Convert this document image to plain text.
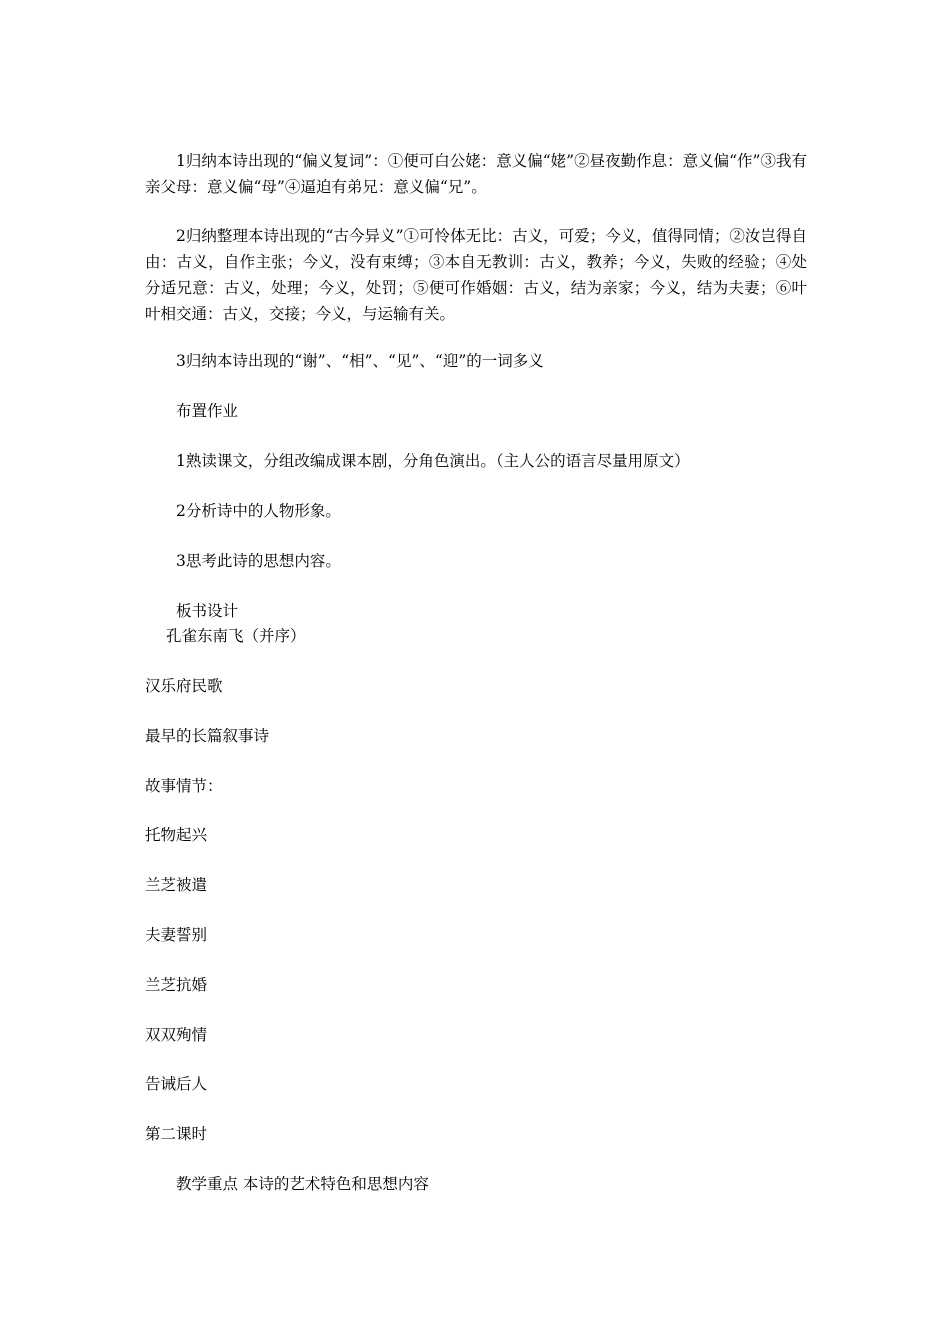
1归纳本诗出现的“偏义复词”：①便可白公姥：意义偏“姥”②昼夜勤作息：意义偏“作”③我有亲父母：意义偏“母”④逼迫有弟兄：意义偏“兄”。

2归纳整理本诗出现的“古今异义”①可怜体无比：古义，可爱；今义，值得同情；②汝岂得自由：古义，自作主张；今义，没有束缚；③本自无教训：古义，教养；今义，失败的经验；④处分适兄意：古义，处理；今义，处罚；⑤便可作婚姻：古义，结为亲家；今义，结为夫妻；⑥叶叶相交通：古义，交接；今义，与运输有关。

3归纳本诗出现的“谢”、“相”、“见”、“迎”的一词多义

布置作业

1熟读课文，分组改编成课本剧，分角色演出。（主人公的语言尽量用原文）

2分析诗中的人物形象。

3思考此诗的思想内容。

板书设计

孔雀东南飞（并序）

汉乐府民歌

最早的长篇叙事诗

故事情节：

托物起兴

兰芝被遣

夫妻誓别

兰芝抗婚

双双殉情

告诫后人

第二课时

教学重点 本诗的艺术特色和思想内容
